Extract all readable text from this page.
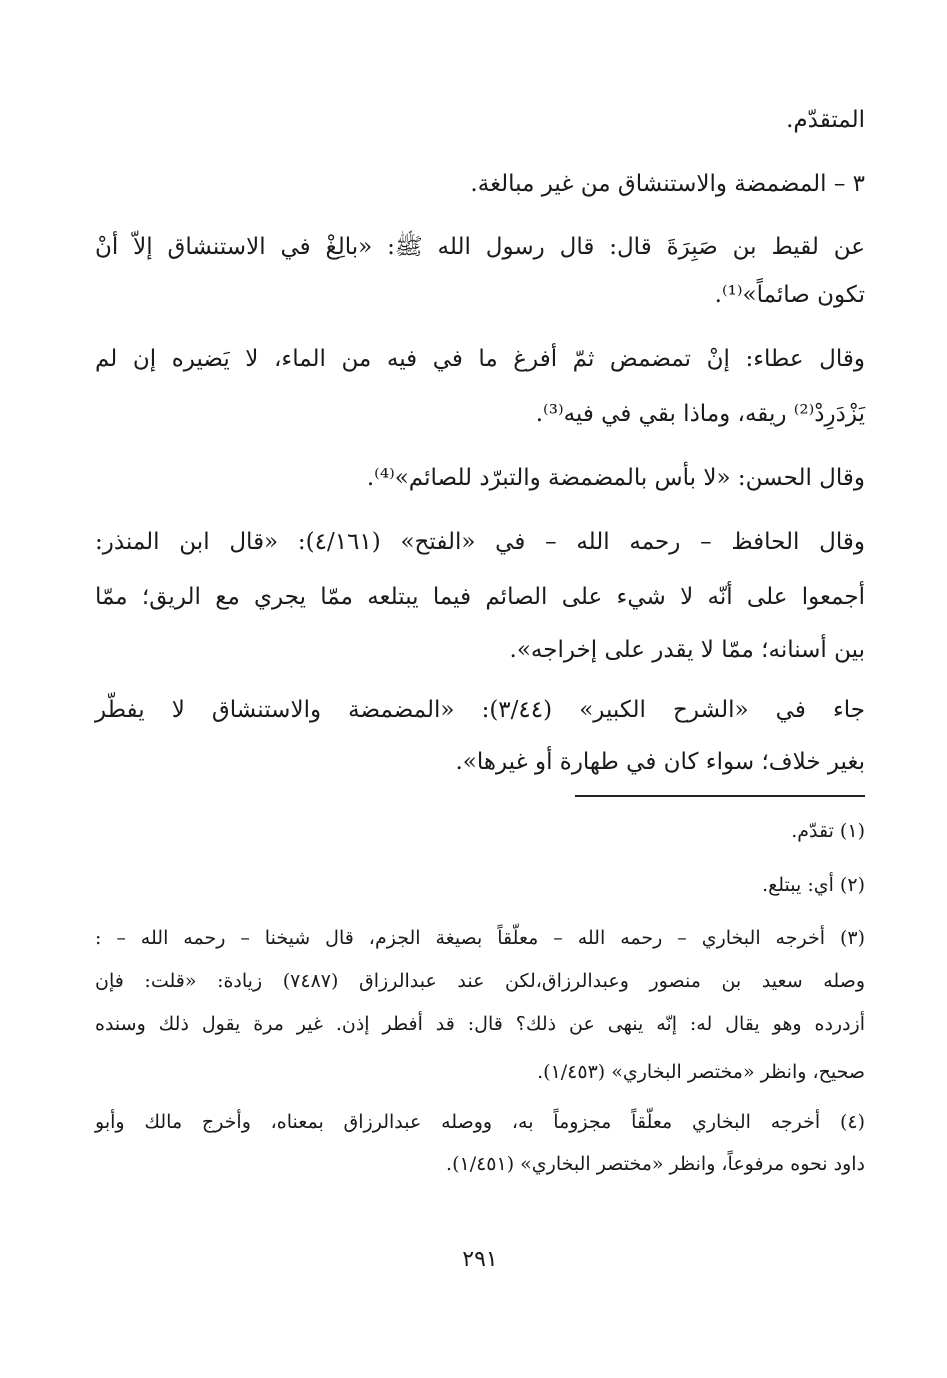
المتقدّم.
٣ – المضمضة والاستنشاق من غير مبالغة.
عن لقيط بن صَبِرَةَ قال: قال رسول الله ﷺ: «بالِغْ في الاستنشاق إلاّ أنْ
تكون صائماً»⁽¹⁾.
وقال عطاء: إنْ تمضمض ثمّ أفرغ ما في فيه من الماء، لا يَضيره إن لم
يَزْدَرِدْ⁽²⁾ ريقه، وماذا بقي في فيه⁽³⁾.
وقال الحسن: «لا بأس بالمضمضة والتبرّد للصائم»⁽⁴⁾.
وقال الحافظ – رحمه الله – في «الفتح» (٤/١٦١): «قال ابن المنذر:
أجمعوا على أنّه لا شيء على الصائم فيما يبتلعه ممّا يجري مع الريق؛ ممّا
بين أسنانه؛ ممّا لا يقدر على إخراجه».
جاء في «الشرح الكبير» (٣/٤٤): «المضمضة والاستنشاق لا يفطّر
بغير خلاف؛ سواء كان في طهارة أو غيرها».
(١) تقدّم.
(٢) أي: يبتلع.
(٣) أخرجه البخاري – رحمه الله – معلّقاً بصيغة الجزم، قال شيخنا – رحمه الله – :
وصله سعيد بن منصور وعبدالرزاق،لكن عند عبدالرزاق (٧٤٨٧) زيادة: «قلت: فإن
أزدرده وهو يقال له: إنّه ينهى عن ذلك؟ قال: قد أفطر إذن. غير مرة يقول ذلك وسنده
صحيح، وانظر «مختصر البخاري» (١/٤٥٣).
(٤) أخرجه البخاري معلّقاً مجزوماً به، ووصله عبدالرزاق بمعناه، وأخرج مالك وأبو
داود نحوه مرفوعاً، وانظر «مختصر البخاري» (١/٤٥١).
٢٩١
